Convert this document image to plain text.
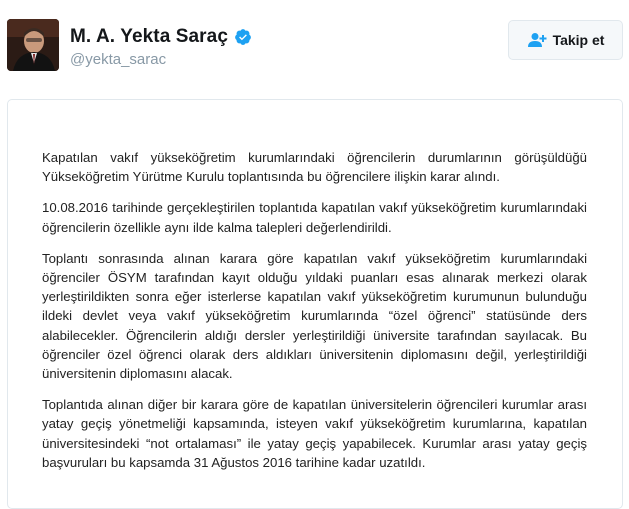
M. A. Yekta Saraç
@yekta_sarac
Takip et

Kapatılan vakıf yükseköğretim kurumlarındaki öğrencilerin durumlarının görüşüldüğü Yükseköğretim Yürütme Kurulu toplantısında bu öğrencilere ilişkin karar alındı.

10.08.2016 tarihinde gerçekleştirilen toplantıda kapatılan vakıf yükseköğretim kurumlarındaki öğrencilerin özellikle aynı ilde kalma talepleri değerlendirildi.

Toplantı sonrasında alınan karara göre kapatılan vakıf yükseköğretim kurumlarındaki öğrenciler ÖSYM tarafından kayıt olduğu yıldaki puanları esas alınarak merkezi olarak yerleştirildikten sonra eğer isterlerse kapatılan vakıf yükseköğretim kurumunun bulunduğu ildeki devlet veya vakıf yükseköğretim kurumlarında “özel öğrenci” statüsünde ders alabilecekler. Öğrencilerin aldığı dersler yerleştirildiği üniversite tarafından sayılacak. Bu öğrenciler özel öğrenci olarak ders aldıkları üniversitenin diplomasını değil, yerleştirildiği üniversitenin diplomasını alacak.

Toplantıda alınan diğer bir karara göre de kapatılan üniversitelerin öğrencileri kurumlar arası yatay geçiş yönetmeliği kapsamında, isteyen vakıf yükseköğretim kurumlarına, kapatılan üniversitesindeki “not ortalaması” ile yatay geçiş yapabilecek. Kurumlar arası yatay geçiş başvuruları bu kapsamda 31 Ağustos 2016 tarihine kadar uzatıldı.
